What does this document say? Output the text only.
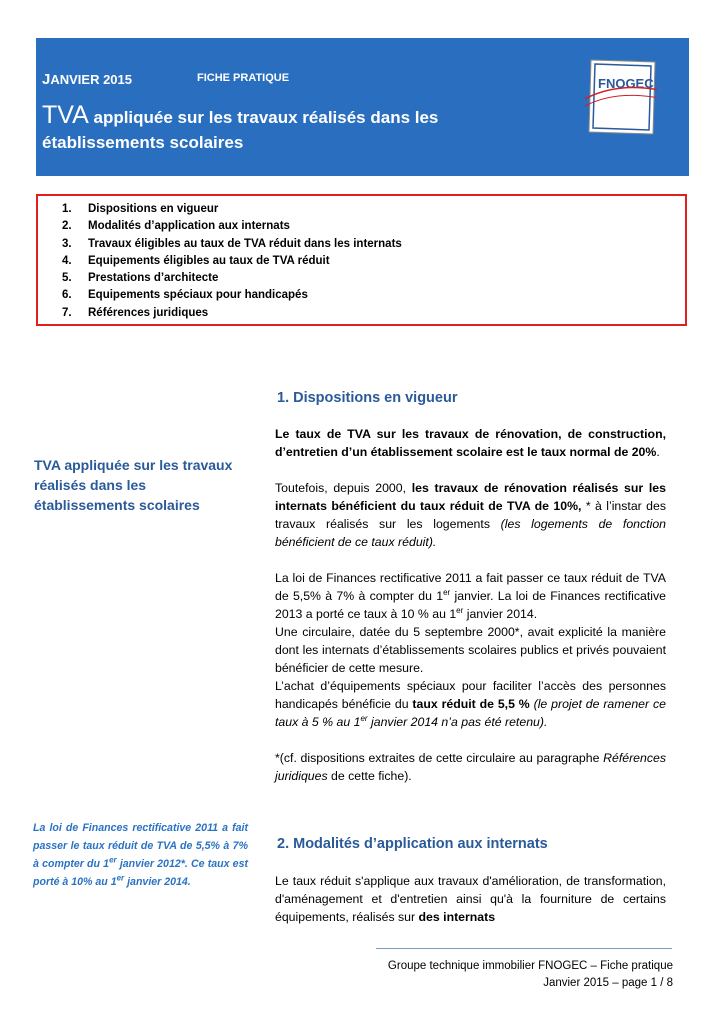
JANVIER 2015	FICHE PRATIQUE
TVA appliquée sur les travaux réalisés dans les établissements scolaires
FNOGEC
1. Dispositions en vigueur
2. Modalités d’application aux internats
3. Travaux éligibles au taux de TVA réduit dans les internats
4. Equipements éligibles au taux de TVA réduit
5. Prestations d’architecte
6. Equipements spéciaux pour handicapés
7. Références juridiques
1. Dispositions en vigueur
TVA appliquée sur les travaux réalisés dans les établissements scolaires

Le taux de TVA sur les travaux de rénovation, de construction, d’entretien d’un établissement scolaire est le taux normal de 20%.

Toutefois, depuis 2000, les travaux de rénovation réalisés sur les internats bénéficient du taux réduit de TVA de 10%, * à l’instar des travaux réalisés sur les logements (les logements de fonction bénéficient de ce taux réduit).

La loi de Finances rectificative 2011 a fait passer ce taux réduit de TVA de 5,5% à 7% à compter du 1er janvier. La loi de Finances rectificative 2013 a porté ce taux à 10 % au 1er janvier 2014.

Une circulaire, datée du 5 septembre 2000*, avait explicité la manière dont les internats d’établissements scolaires publics et privés pouvaient bénéficier de cette mesure.

L’achat d’équipements spéciaux pour faciliter l’accès des personnes handicapés bénéficie du taux réduit de 5,5 % (le projet de ramener ce taux à 5 % au 1er janvier 2014 n’a pas été retenu).

*(cf. dispositions extraites de cette circulaire au paragraphe Références juridiques de cette fiche).

La loi de Finances rectificative 2011 a fait passer le taux réduit de TVA de 5,5% à 7% à compter du 1er janvier 2012*. Ce taux est porté à 10% au 1er janvier 2014.
2. Modalités d’application aux internats

Le taux réduit s'applique aux travaux d'amélioration, de transformation, d'aménagement et d'entretien ainsi qu'à la fourniture de certains équipements, réalisés sur des internats

Groupe technique immobilier FNOGEC – Fiche pratique
Janvier 2015 – page 1 / 8
